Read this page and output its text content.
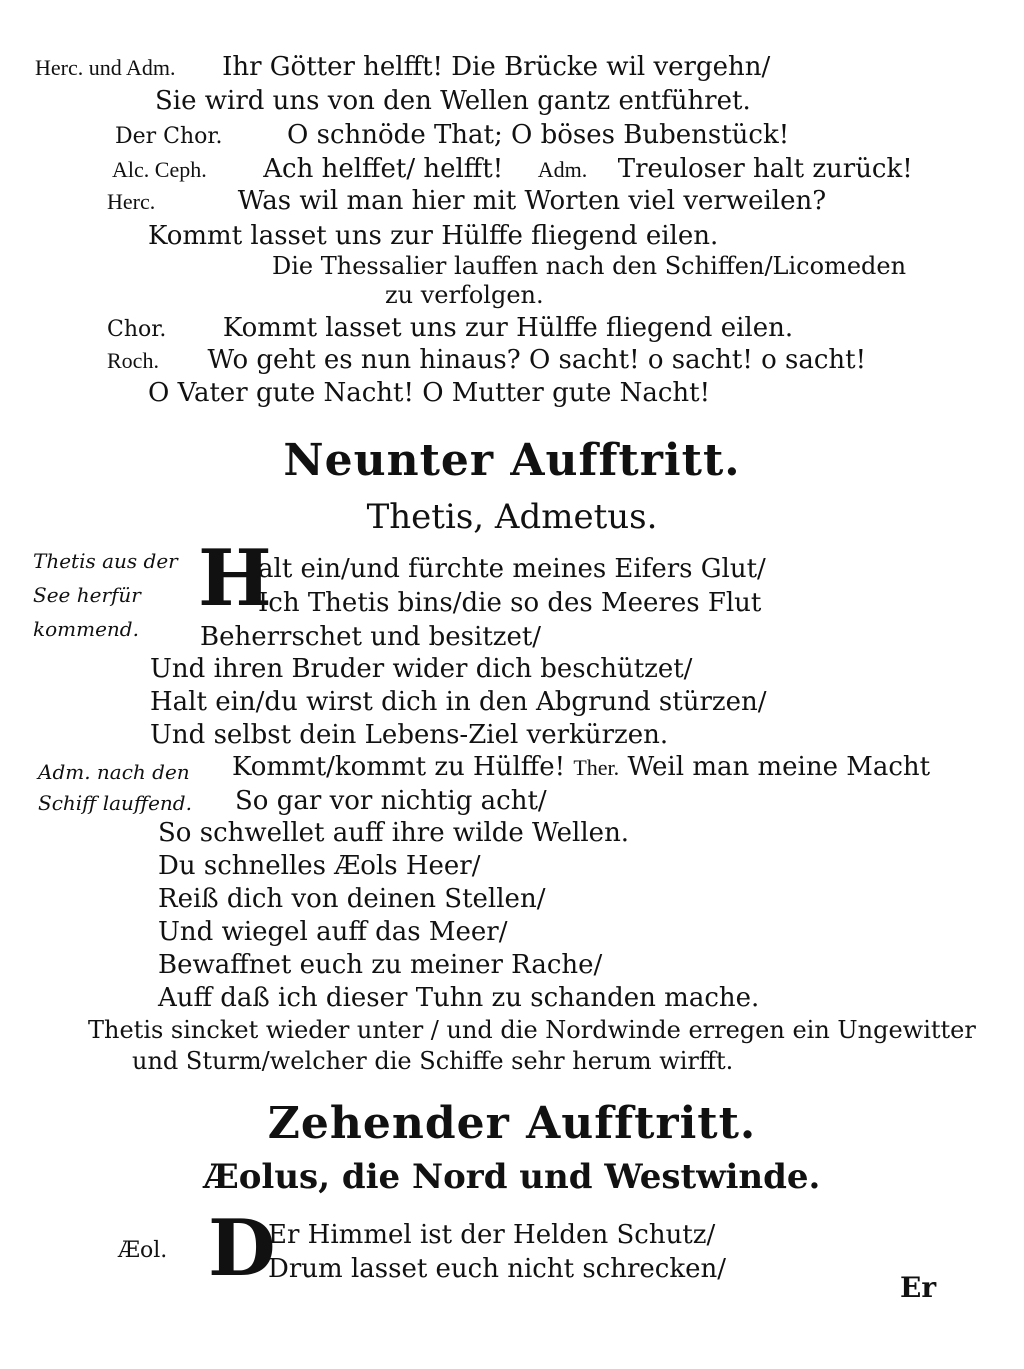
Herc. und Adm. Ihr Götter helfft! Die Brücke wil vergehn/
Sie wird uns von den Wellen gantz entführet.
Der Chor. O schnöde That; O böses Bubenstück!
Alc. Ceph. Ach helffet/ helfft! Adm. Treuloser halt zurück!
Herc.	Was wil man hier mit Worten viel verweilen?
Kommt lasset uns zur Hülffe fliegend eilen.
Die Thessalier lauffen nach den Schiffen/Licomeden
zu verfolgen.
Chor. Kommt lasset uns zur Hülffe fliegend eilen.
Roch. Wo geht es nun hinaus? O sacht! o sacht! o sacht!
O Vater gute Nacht! O Mutter gute Nacht!
Neunter Aufftritt.
Thetis, Admetus.
Thetis aus der
See herfür
kommend.
H
alt ein/und fürchte meines Eifers Glut/
Ich Thetis bins/die so des Meeres Flut
Beherrschet und besitzet/
Und ihren Bruder wider dich beschützet/
Halt ein/du wirst dich in den Abgrund stürzen/
Und selbst dein Lebens-Ziel verkürzen.
Adm. nach den Kommt/kommt zu Hülffe! Ther. Weil man meine Macht
Schiff lauffend. So gar vor nichtig acht/
So schwellet auff ihre wilde Wellen.
Du schnelles Æols Heer/
Reiß dich von deinen Stellen/
Und wiegel auff das Meer/
Bewaffnet euch zu meiner Rache/
Auff daß ich dieser Tuhn zu schanden mache.
Thetis sincket wieder unter / und die Nordwinde erregen ein Ungewitter
und Sturm/welcher die Schiffe sehr herum wirfft.
Zehender Aufftritt.
Æolus, die Nord und Westwinde.
Æol. D
Er Himmel ist der Helden Schutz/
Drum lasset euch nicht schrecken/
Er
